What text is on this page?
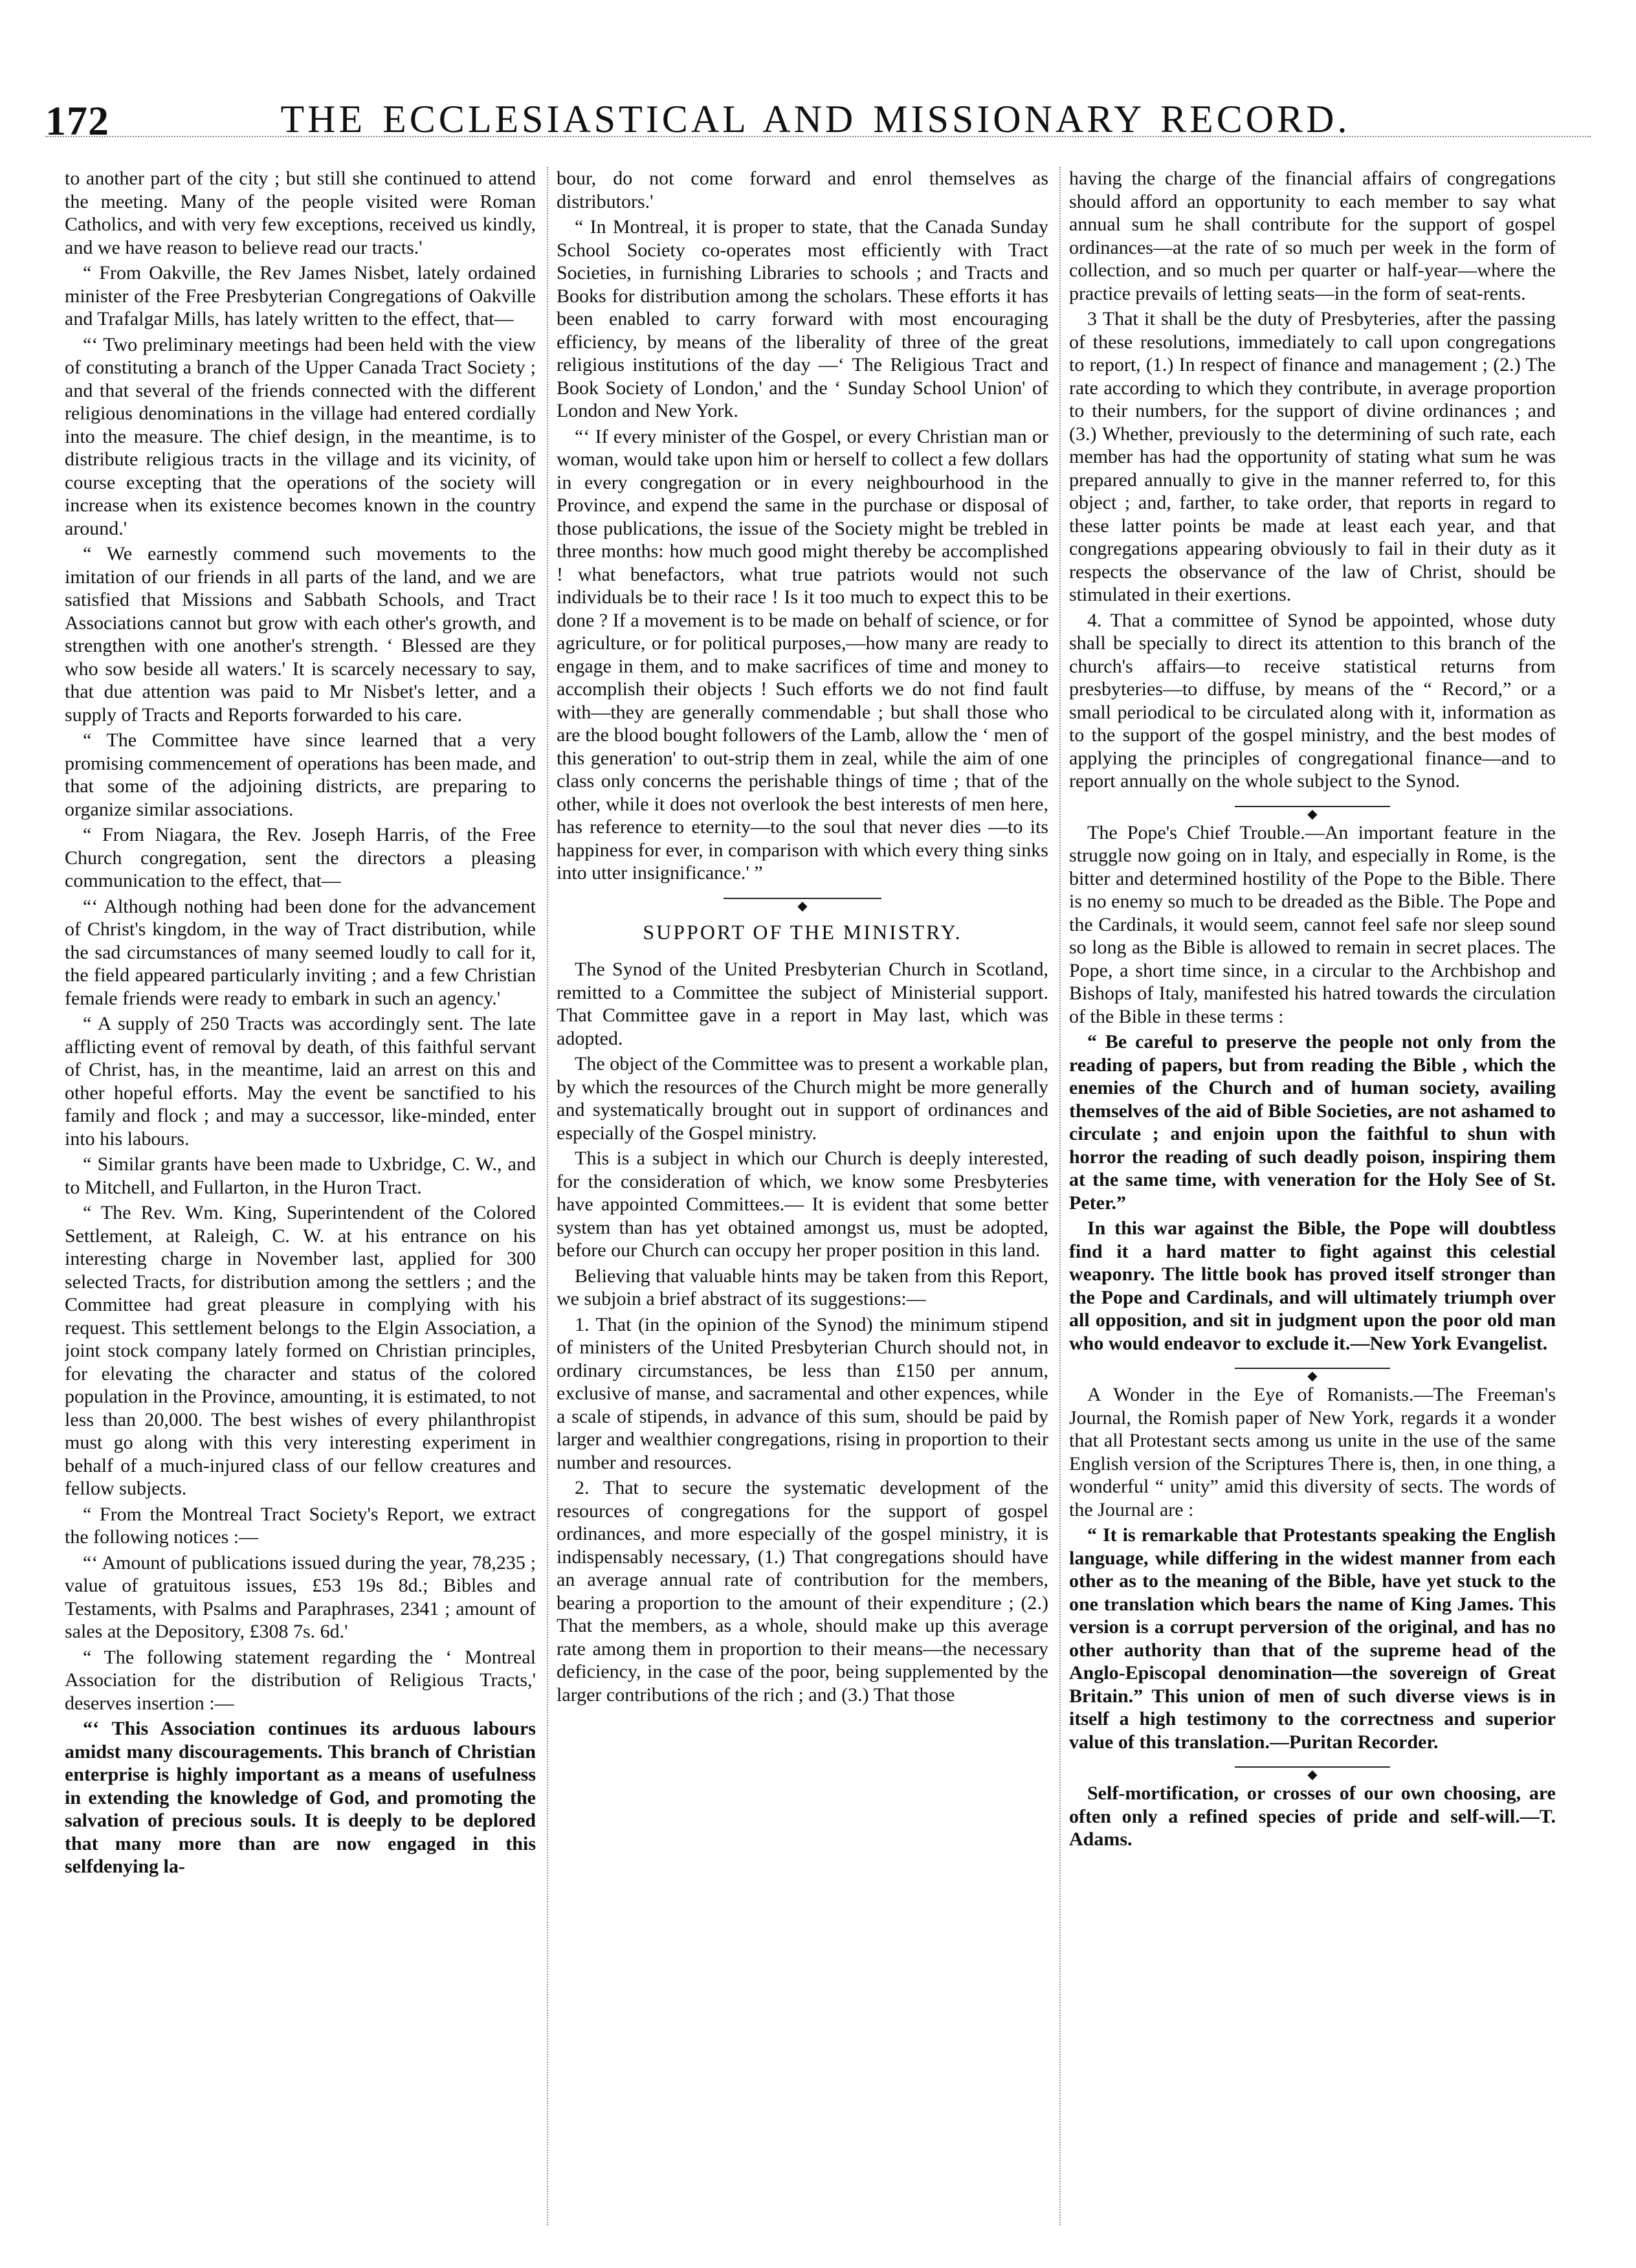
172	THE ECCLESIASTICAL AND MISSIONARY RECORD.

to another part of the city ; but still she continued to attend the meeting. Many of the people visited were Roman Catholics, and with very few exceptions, received us kindly, and we have reason to believe read our tracts.'

“ From Oakville, the Rev James Nisbet, lately ordained minister of the Free Presbyterian Congregations of Oakville and Trafalgar Mills, has lately written to the effect, that—

“‘ Two preliminary meetings had been held with the view of constituting a branch of the Upper Canada Tract Society ; and that several of the friends connected with the different religious denominations in the village had entered cordially into the measure. The chief design, in the meantime, is to distribute religious tracts in the village and its vicinity, of course excepting that the operations of the society will increase when its existence becomes known in the country around.'

“ We earnestly commend such movements to the imitation of our friends in all parts of the land, and we are satisfied that Missions and Sabbath Schools, and Tract Associations cannot but grow with each other's growth, and strengthen with one another's strength. ‘ Blessed are they who sow beside all waters.' It is scarcely necessary to say, that due attention was paid to Mr Nisbet's letter, and a supply of Tracts and Reports forwarded to his care.

“ The Committee have since learned that a very promising commencement of operations has been made, and that some of the adjoining districts, are preparing to organize similar associations.

“ From Niagara, the Rev. Joseph Harris, of the Free Church congregation, sent the directors a pleasing communication to the effect, that—

“‘ Although nothing had been done for the advancement of Christ's kingdom, in the way of Tract distribution, while the sad circumstances of many seemed loudly to call for it, the field appeared particularly inviting ; and a few Christian female friends were ready to embark in such an agency.'

“ A supply of 250 Tracts was accordingly sent. The late afflicting event of removal by death, of this faithful servant of Christ, has, in the meantime, laid an arrest on this and other hopeful efforts. May the event be sanctified to his family and flock ; and may a successor, like-minded, enter into his labours.

“ Similar grants have been made to Uxbridge, C. W., and to Mitchell, and Fullarton, in the Huron Tract.

“ The Rev. Wm. King, Superintendent of the Colored Settlement, at Raleigh, C. W. at his entrance on his interesting charge in November last, applied for 300 selected Tracts, for distribution among the settlers ; and the Committee had great pleasure in complying with his request. This settlement belongs to the Elgin Association, a joint stock company lately formed on Christian principles, for elevating the character and status of the colored population in the Province, amounting, it is estimated, to not less than 20,000. The best wishes of every philanthropist must go along with this very interesting experiment in behalf of a much-injured class of our fellow creatures and fellow subjects.

“ From the Montreal Tract Society's Report, we extract the following notices :—

“‘ Amount of publications issued during the year, 78,235 ; value of gratuitous issues, £53 19s 8d.; Bibles and Testaments, with Psalms and Paraphrases, 2341 ; amount of sales at the Depository, £308 7s. 6d.'

“ The following statement regarding the ‘ Montreal Association for the distribution of Religious Tracts,' deserves insertion :—

“‘ This Association continues its arduous labours amidst many discouragements. This branch of Christian enterprise is highly important as a means of usefulness in extending the knowledge of God, and promoting the salvation of precious souls. It is deeply to be deplored that many more than are now engaged in this selfdenying la-

bour, do not come forward and enrol themselves as distributors.'

“ In Montreal, it is proper to state, that the Canada Sunday School Society co-operates most efficiently with Tract Societies, in furnishing Libraries to schools ; and Tracts and Books for distribution among the scholars. These efforts it has been enabled to carry forward with most encouraging efficiency, by means of the liberality of three of the great religious institutions of the day —‘ The Religious Tract and Book Society of London,' and the ‘ Sunday School Union' of London and New York.

“‘ If every minister of the Gospel, or every Christian man or woman, would take upon him or herself to collect a few dollars in every congregation or in every neighbourhood in the Province, and expend the same in the purchase or disposal of those publications, the issue of the Society might be trebled in three months: how much good might thereby be accomplished ! what benefactors, what true patriots would not such individuals be to their race ! Is it too much to expect this to be done ? If a movement is to be made on behalf of science, or for agriculture, or for political purposes,—how many are ready to engage in them, and to make sacrifices of time and money to accomplish their objects ! Such efforts we do not find fault with—they are generally commendable ; but shall those who are the blood bought followers of the Lamb, allow the ‘ men of this generation' to out-strip them in zeal, while the aim of one class only concerns the perishable things of time ; that of the other, while it does not overlook the best interests of men here, has reference to eternity—to the soul that never dies —to its happiness for ever, in comparison with which every thing sinks into utter insignificance.' ”

◆
SUPPORT OF THE MINISTRY.

The Synod of the United Presbyterian Church in Scotland, remitted to a Committee the subject of Ministerial support. That Committee gave in a report in May last, which was adopted.

The object of the Committee was to present a workable plan, by which the resources of the Church might be more generally and systematically brought out in support of ordinances and especially of the Gospel ministry.

This is a subject in which our Church is deeply interested, for the consideration of which, we know some Presbyteries have appointed Committees.— It is evident that some better system than has yet obtained amongst us, must be adopted, before our Church can occupy her proper position in this land.

Believing that valuable hints may be taken from this Report, we subjoin a brief abstract of its suggestions:—

1. That (in the opinion of the Synod) the minimum stipend of ministers of the United Presbyterian Church should not, in ordinary circumstances, be less than £150 per annum, exclusive of manse, and sacramental and other expences, while a scale of stipends, in advance of this sum, should be paid by larger and wealthier congregations, rising in proportion to their number and resources.

2. That to secure the systematic development of the resources of congregations for the support of gospel ordinances, and more especially of the gospel ministry, it is indispensably necessary, (1.) That congregations should have an average annual rate of contribution for the members, bearing a proportion to the amount of their expenditure ; (2.) That the members, as a whole, should make up this average rate among them in proportion to their means—the necessary deficiency, in the case of the poor, being supplemented by the larger contributions of the rich ; and (3.) That those

having the charge of the financial affairs of congregations should afford an opportunity to each member to say what annual sum he shall contribute for the support of gospel ordinances—at the rate of so much per week in the form of collection, and so much per quarter or half-year—where the practice prevails of letting seats—in the form of seat-rents.

3 That it shall be the duty of Presbyteries, after the passing of these resolutions, immediately to call upon congregations to report, (1.) In respect of finance and management ; (2.) The rate according to which they contribute, in average proportion to their numbers, for the support of divine ordinances ; and (3.) Whether, previously to the determining of such rate, each member has had the opportunity of stating what sum he was prepared annually to give in the manner referred to, for this object ; and, farther, to take order, that reports in regard to these latter points be made at least each year, and that congregations appearing obviously to fail in their duty as it respects the observance of the law of Christ, should be stimulated in their exertions.

4. That a committee of Synod be appointed, whose duty shall be specially to direct its attention to this branch of the church's affairs—to receive statistical returns from presbyteries—to diffuse, by means of the “ Record,” or a small periodical to be circulated along with it, information as to the support of the gospel ministry, and the best modes of applying the principles of congregational finance—and to report annually on the whole subject to the Synod.

◆

The Pope's Chief Trouble.—An important feature in the struggle now going on in Italy, and especially in Rome, is the bitter and determined hostility of the Pope to the Bible. There is no enemy so much to be dreaded as the Bible. The Pope and the Cardinals, it would seem, cannot feel safe nor sleep sound so long as the Bible is allowed to remain in secret places. The Pope, a short time since, in a circular to the Archbishop and Bishops of Italy, manifested his hatred towards the circulation of the Bible in these terms :

“ Be careful to preserve the people not only from the reading of papers, but from reading the Bible , which the enemies of the Church and of human society, availing themselves of the aid of Bible Societies, are not ashamed to circulate ; and enjoin upon the faithful to shun with horror the reading of such deadly poison, inspiring them at the same time, with veneration for the Holy See of St. Peter.”

In this war against the Bible, the Pope will doubtless find it a hard matter to fight against this celestial weaponry. The little book has proved itself stronger than the Pope and Cardinals, and will ultimately triumph over all opposition, and sit in judgment upon the poor old man who would endeavor to exclude it.—New York Evangelist.

◆

A Wonder in the Eye of Romanists.—The Freeman's Journal, the Romish paper of New York, regards it a wonder that all Protestant sects among us unite in the use of the same English version of the Scriptures There is, then, in one thing, a wonderful “ unity” amid this diversity of sects. The words of the Journal are :

“ It is remarkable that Protestants speaking the English language, while differing in the widest manner from each other as to the meaning of the Bible, have yet stuck to the one translation which bears the name of King James. This version is a corrupt perversion of the original, and has no other authority than that of the supreme head of the Anglo-Episcopal denomination—the sovereign of Great Britain.” This union of men of such diverse views is in itself a high testimony to the correctness and superior value of this translation.—Puritan Recorder.

◆

Self-mortification, or crosses of our own choosing, are often only a refined species of pride and self-will.—T. Adams.
